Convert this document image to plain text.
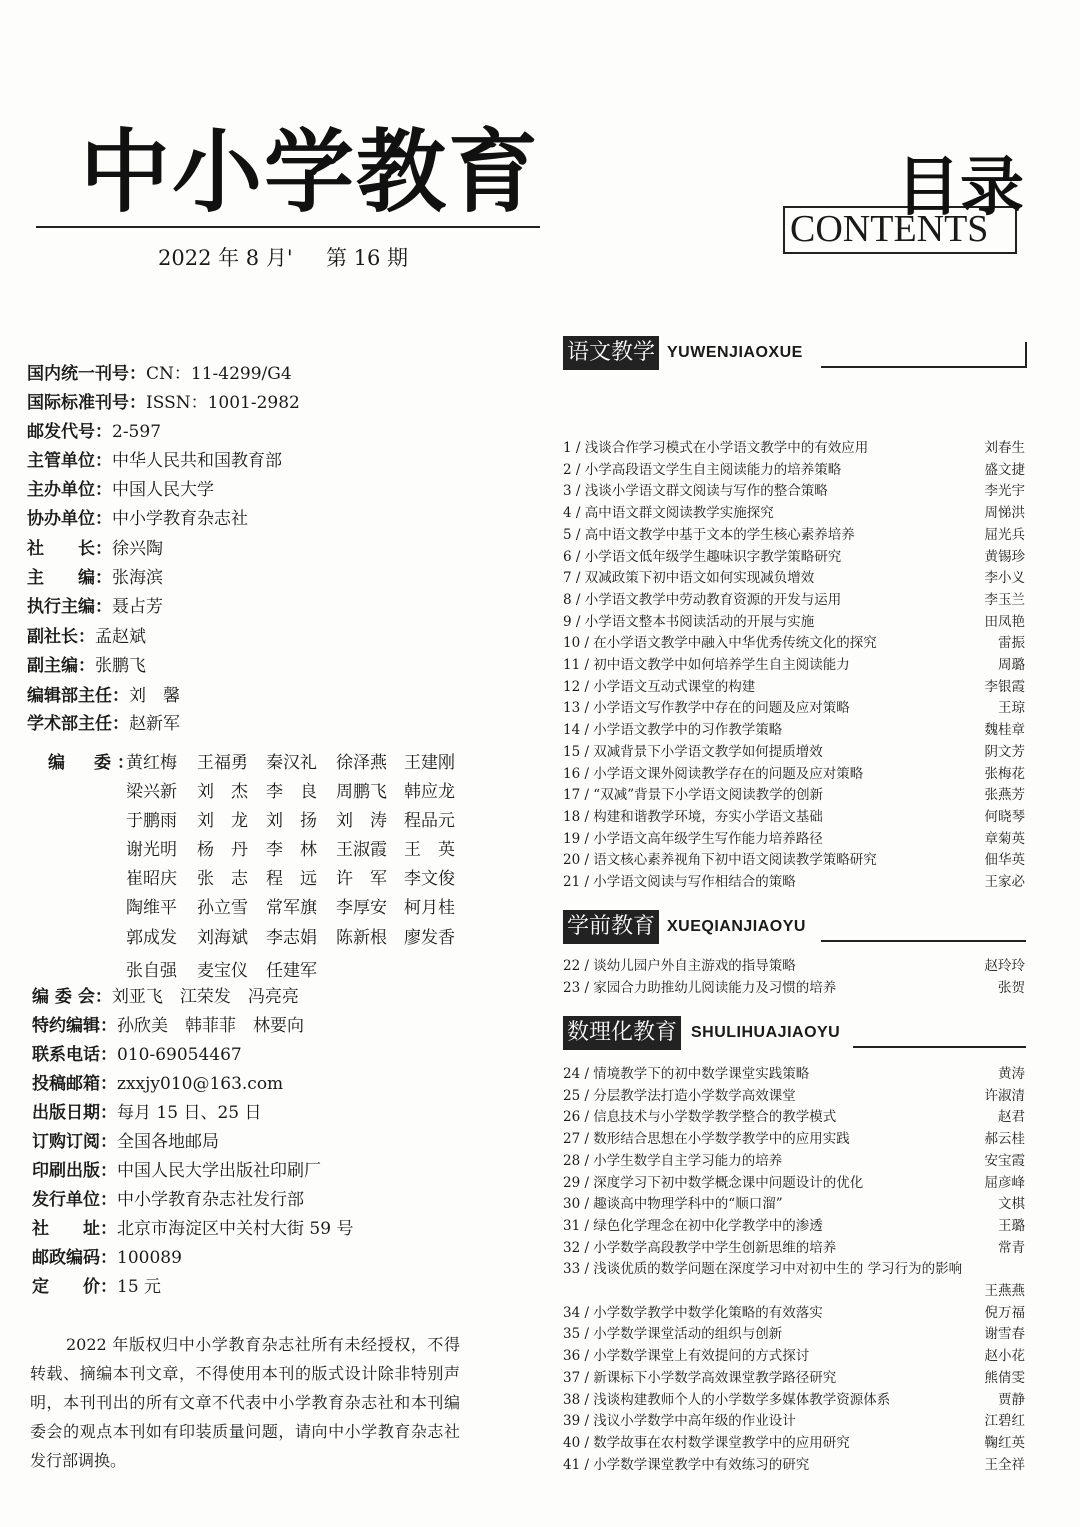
中小学教育
2022 年 8 月'     第 16 期
CONTENTS
目录
国内统一刊号：CN：11-4299/G4
国际标准刊号：ISSN：1001-2982
邮发代号：2-597
主管单位：中华人民共和国教育部
主办单位：中国人民大学
协办单位：中小学教育杂志社
社　　长：徐兴陶
主　　编：张海滨
执行主编：聂占芳
副社长：孟赵斌
副主编：张鹏飞
编辑部主任：刘　馨
学术部主任：赵新军
编　委：
黄红梅 王福勇 秦汉礼 徐泽燕 王建刚
梁兴新 刘　杰 李　良 周鹏飞 韩应龙
于鹏雨 刘　龙 刘　扬 刘　涛 程品元
谢光明 杨　丹 李　林 王淑霞 王　英
崔昭庆 张　志 程　远 许　军 李文俊
陶维平 孙立雪 常军旗 李厚安 柯月桂
郭成发 刘海斌 李志娟 陈新根 廖发香
张自强 麦宝仪 任建军
编 委 会：刘亚飞　江荣发　冯亮亮
特约编辑：孙欣美　韩菲菲　林要向
联系电话：010-69054467
投稿邮箱：zxxjy010@163.com
出版日期：每月 15 日、25 日
订购订阅：全国各地邮局
印刷出版：中国人民大学出版社印刷厂
发行单位：中小学教育杂志社发行部
社　　址：北京市海淀区中关村大街 59 号
邮政编码：100089
定　　价：15 元
2022 年版权归中小学教育杂志社所有未经授权，不得转载、摘编本刊文章，不得使用本刊的版式设计除非特别声明，本刊刊出的所有文章不代表中小学教育杂志社和本刊编委会的观点本刊如有印装质量问题，请向中小学教育杂志社发行部调换。
语文教学 YUWENJIAOXUE
1 / 浅谈合作学习模式在小学语文教学中的有效应用	刘春生
2 / 小学高段语文学生自主阅读能力的培养策略	盛文捷
3 / 浅谈小学语文群文阅读与写作的整合策略	李光宇
4 / 高中语文群文阅读教学实施探究	周悌洪
5 / 高中语文教学中基于文本的学生核心素养培养	屈光兵
6 / 小学语文低年级学生趣味识字教学策略研究	黄锡珍
7 / 双减政策下初中语文如何实现减负增效	李小义
8 / 小学语文教学中劳动教育资源的开发与运用	李玉兰
9 / 小学语文整本书阅读活动的开展与实施	田凤艳
10 / 在小学语文教学中融入中华优秀传统文化的探究	雷振
11 / 初中语文教学中如何培养学生自主阅读能力	周璐
12 / 小学语文互动式课堂的构建	李银霞
13 / 小学语文写作教学中存在的问题及应对策略	王琼
14 / 小学语文教学中的习作教学策略	魏桂章
15 / 双减背景下小学语文教学如何提质增效	阴文芳
16 / 小学语文课外阅读教学存在的问题及应对策略	张梅花
17 / “双减”背景下小学语文阅读教学的创新	张燕芳
18 / 构建和谐教学环境，夯实小学语文基础	何晓琴
19 / 小学语文高年级学生写作能力培养路径	章菊英
20 / 语文核心素养视角下初中语文阅读教学策略研究	佃华英
21 / 小学语文阅读与写作相结合的策略	王家必
学前教育 XUEQIANJIAOYU
22 / 谈幼儿园户外自主游戏的指导策略	赵玲玲
23 / 家园合力助推幼儿阅读能力及习惯的培养	张贺
数理化教育 SHULIHUAJIAOYU
24 / 情境教学下的初中数学课堂实践策略	黄涛
25 / 分层教学法打造小学数学高效课堂	许淑清
26 / 信息技术与小学数学教学整合的教学模式	赵君
27 / 数形结合思想在小学数学教学中的应用实践	郝云桂
28 / 小学生数学自主学习能力的培养	安宝霞
29 / 深度学习下初中数学概念课中问题设计的优化	屈彦峰
30 / 趣谈高中物理学科中的“顺口溜”	文棋
31 / 绿色化学理念在初中化学教学中的渗透	王璐
32 / 小学数学高段教学中学生创新思维的培养	常青
33 / 浅谈优质的数学问题在深度学习中对初中生的 学习行为的影响
王燕燕
34 / 小学数学教学中数学化策略的有效落实	倪万福
35 / 小学数学课堂活动的组织与创新	谢雪春
36 / 小学数学课堂上有效提问的方式探讨	赵小花
37 / 新课标下小学数学高效课堂教学路径研究	熊倩雯
38 / 浅谈构建教师个人的小学数学多媒体教学资源体系	贾静
39 / 浅议小学数学中高年级的作业设计	江碧红
40 / 数学故事在农村数学课堂教学中的应用研究	鞠红英
41 / 小学数学课堂教学中有效练习的研究	王全祥
